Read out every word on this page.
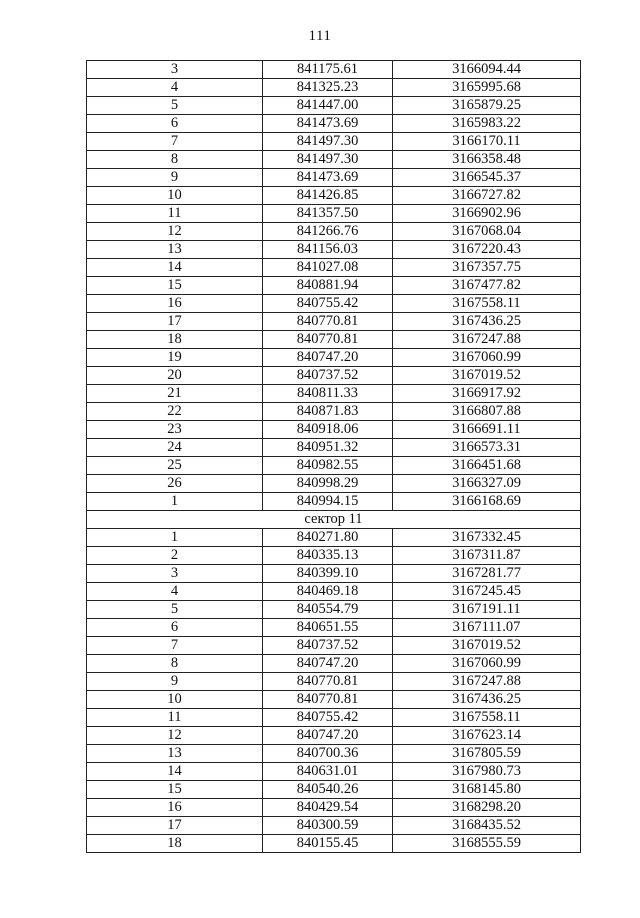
111
3	841175.61	3166094.44
4	841325.23	3165995.68
5	841447.00	3165879.25
6	841473.69	3165983.22
7	841497.30	3166170.11
8	841497.30	3166358.48
9	841473.69	3166545.37
10	841426.85	3166727.82
11	841357.50	3166902.96
12	841266.76	3167068.04
13	841156.03	3167220.43
14	841027.08	3167357.75
15	840881.94	3167477.82
16	840755.42	3167558.11
17	840770.81	3167436.25
18	840770.81	3167247.88
19	840747.20	3167060.99
20	840737.52	3167019.52
21	840811.33	3166917.92
22	840871.83	3166807.88
23	840918.06	3166691.11
24	840951.32	3166573.31
25	840982.55	3166451.68
26	840998.29	3166327.09
1	840994.15	3166168.69
сектор 11		
1	840271.80	3167332.45
2	840335.13	3167311.87
3	840399.10	3167281.77
4	840469.18	3167245.45
5	840554.79	3167191.11
6	840651.55	3167111.07
7	840737.52	3167019.52
8	840747.20	3167060.99
9	840770.81	3167247.88
10	840770.81	3167436.25
11	840755.42	3167558.11
12	840747.20	3167623.14
13	840700.36	3167805.59
14	840631.01	3167980.73
15	840540.26	3168145.80
16	840429.54	3168298.20
17	840300.59	3168435.52
18	840155.45	3168555.59
